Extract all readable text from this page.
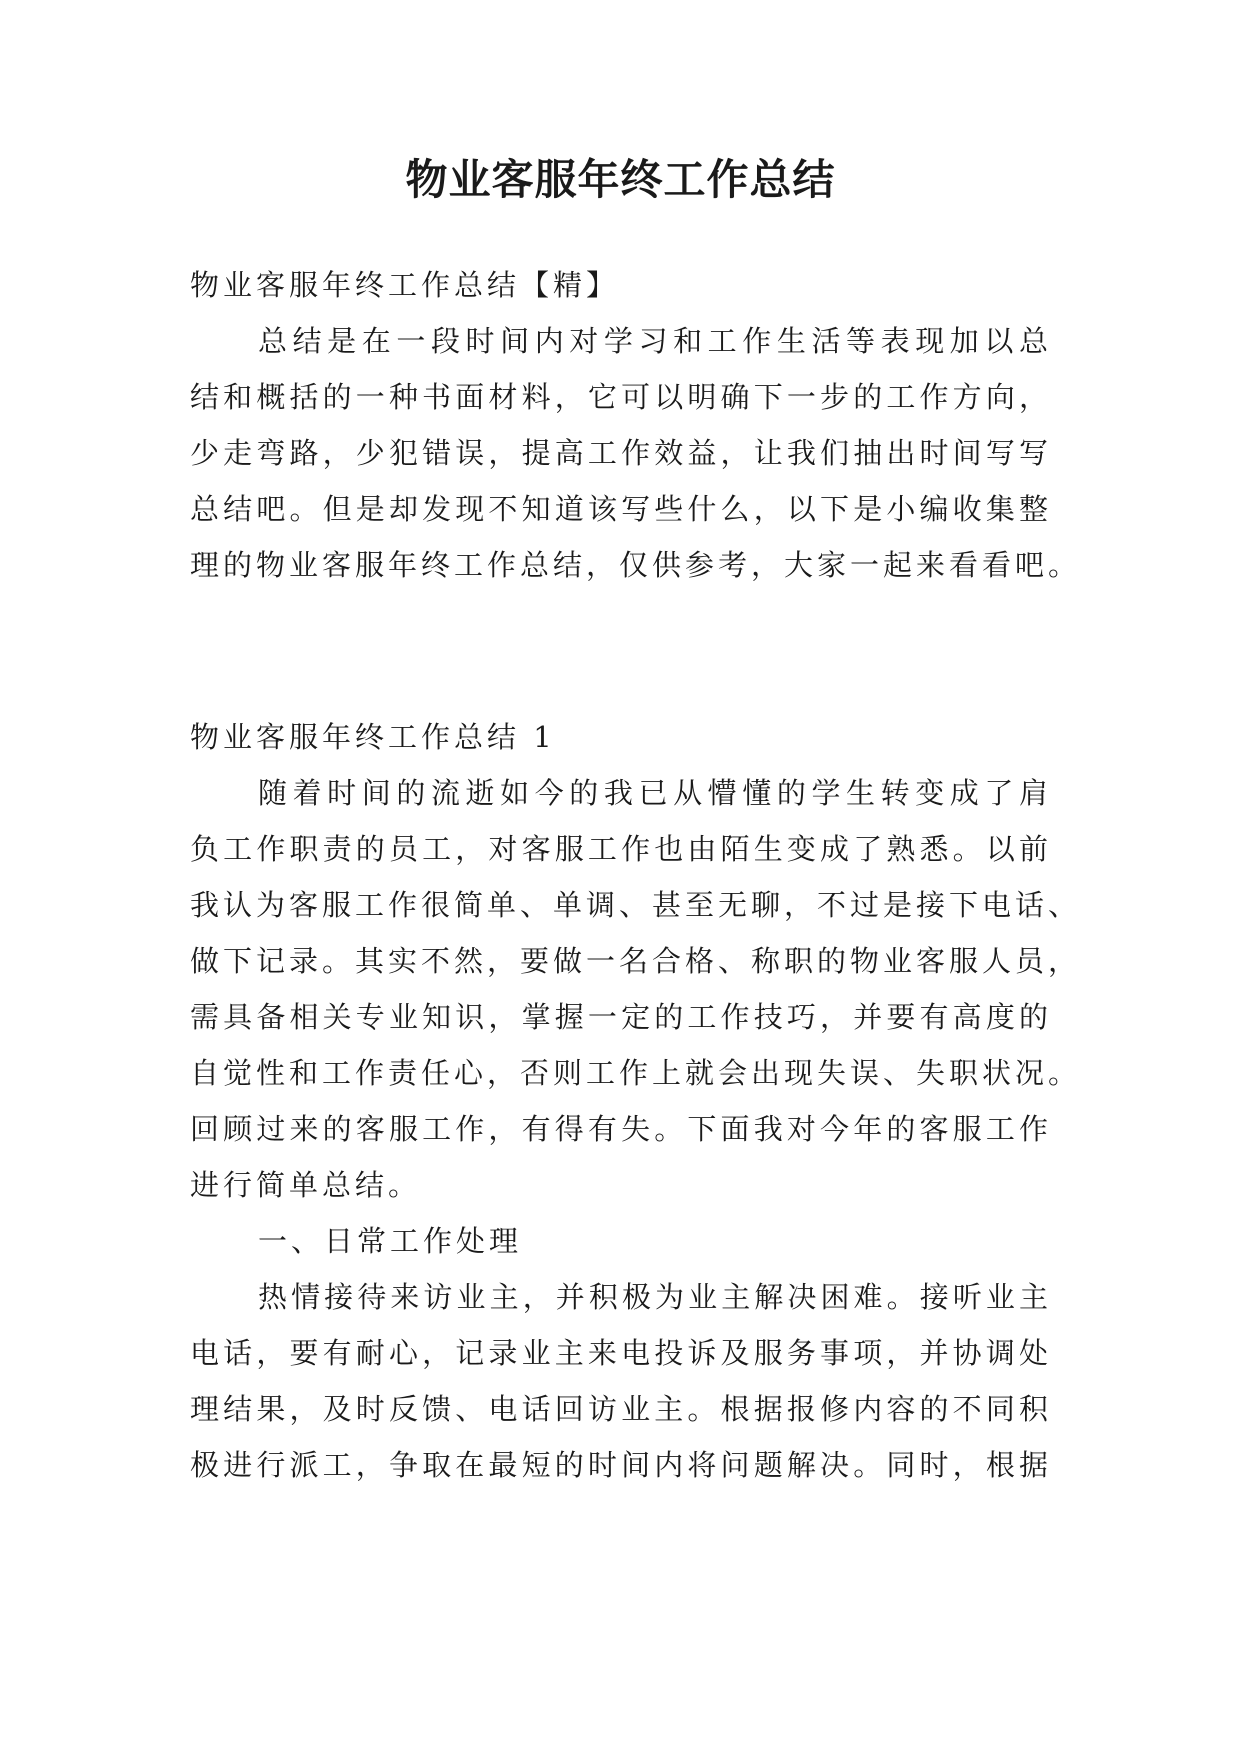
物业客服年终工作总结
物业客服年终工作总结【精】
总结是在一段时间内对学习和工作生活等表现加以总
结和概括的一种书面材料，它可以明确下一步的工作方向，
少走弯路，少犯错误，提高工作效益，让我们抽出时间写写
总结吧。但是却发现不知道该写些什么，以下是小编收集整
理的物业客服年终工作总结，仅供参考，大家一起来看看吧。
物业客服年终工作总结 1
随着时间的流逝如今的我已从懵懂的学生转变成了肩
负工作职责的员工，对客服工作也由陌生变成了熟悉。以前
我认为客服工作很简单、单调、甚至无聊，不过是接下电话、
做下记录。其实不然，要做一名合格、称职的物业客服人员，
需具备相关专业知识，掌握一定的工作技巧，并要有高度的
自觉性和工作责任心，否则工作上就会出现失误、失职状况。
回顾过来的客服工作，有得有失。下面我对今年的客服工作
进行简单总结。
一、日常工作处理
热情接待来访业主，并积极为业主解决困难。接听业主
电话，要有耐心，记录业主来电投诉及服务事项，并协调处
理结果，及时反馈、电话回访业主。根据报修内容的不同积
极进行派工，争取在最短的时间内将问题解决。同时，根据
